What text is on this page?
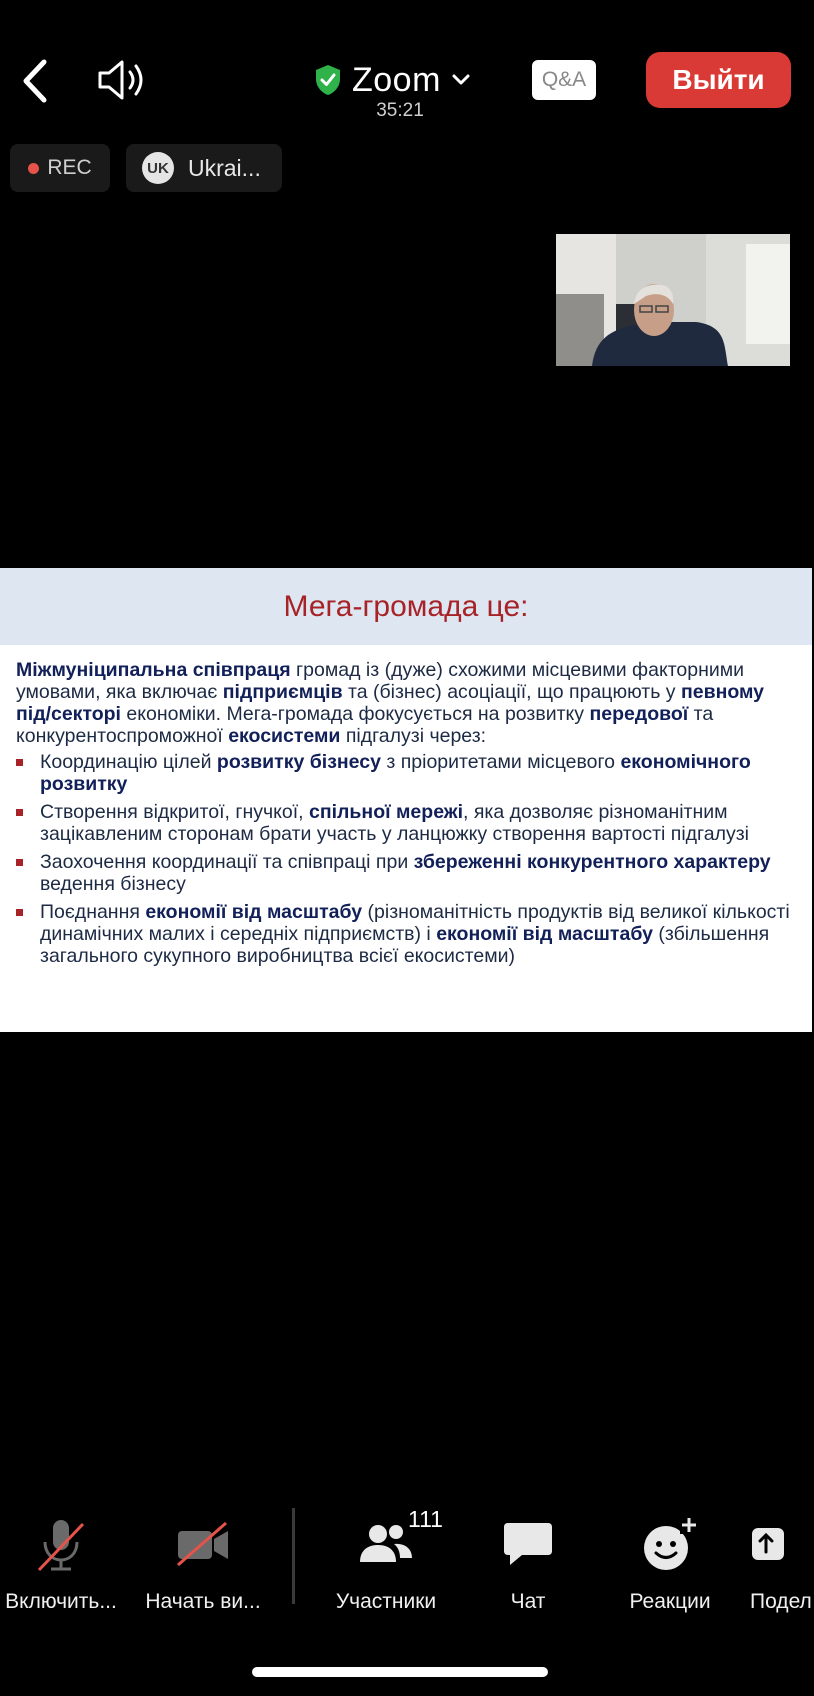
Zoom
35:21
Q&A	Выйти
REC	UK Ukrai...
Мега-громада це:
Міжмуніципальна співпраця громад із (дуже) схожими місцевими факторними умовами, яка включає підприємців та (бізнес) асоціації, що працюють у певному під/секторі економіки. Мега-громада фокусується на розвитку передової та конкурентоспроможної екосистеми підгалузі через:
Координацію цілей розвитку бізнесу з пріоритетами місцевого економічного розвитку
Створення відкритої, гнучкої, спільної мережі, яка дозволяє різноманітним зацікавленим сторонам брати участь у ланцюжку створення вартості підгалузі
Заохочення координації та співпраці при збереженні конкурентного характеру ведення бізнесу
Поєднання економії від масштабу (різноманітність продуктів від великої кількості динамічних малих і середніх підприємств) і економії від масштабу (збільшення загального сукупного виробництва всієї екосистеми)
Включить... Начать ви...	Участники	Чат	Реакции Подел
111
